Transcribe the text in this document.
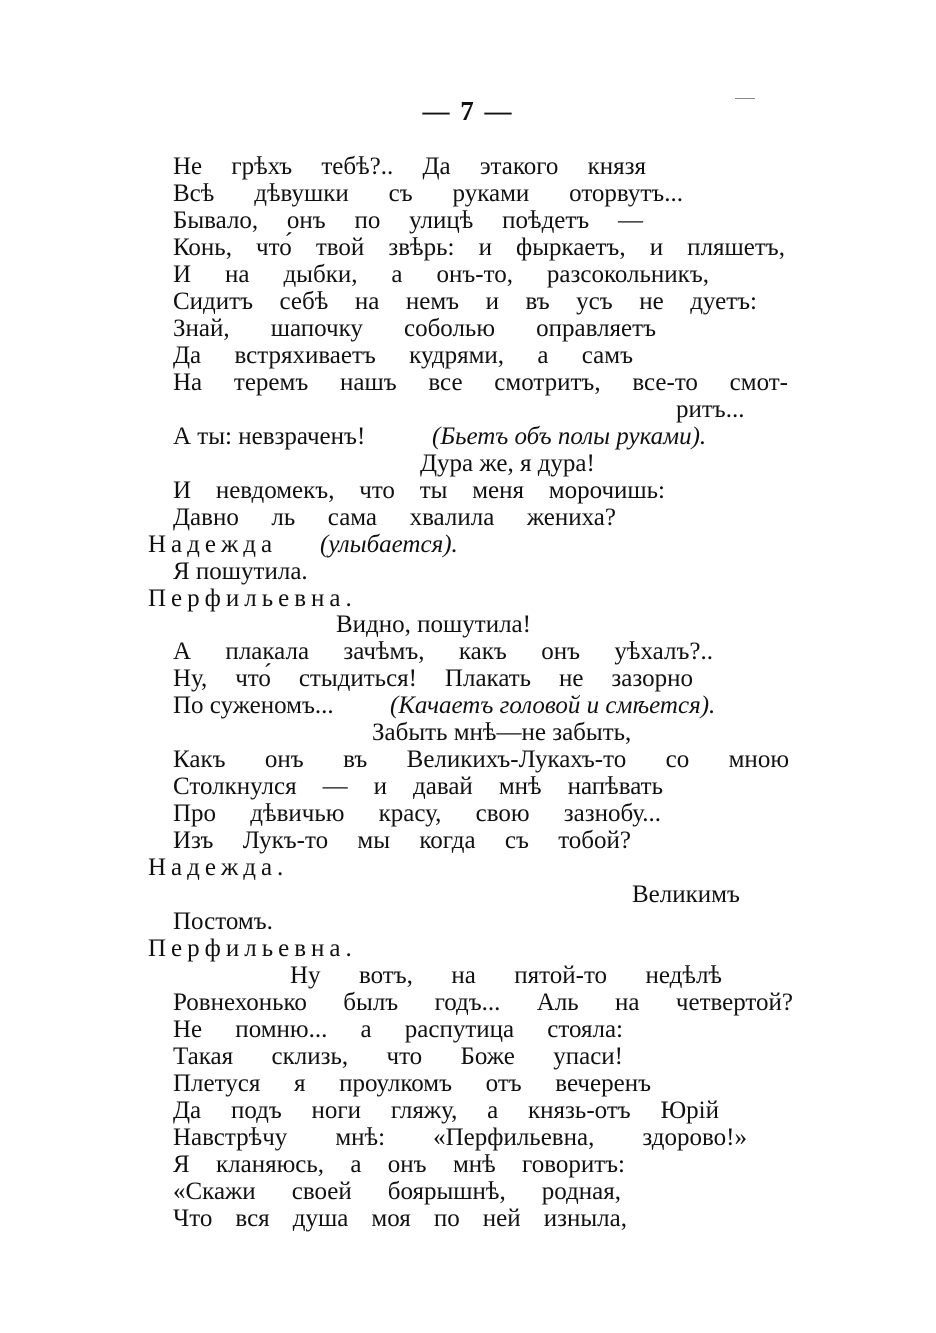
— 7 —
Не грѣхъ тебѣ?.. Да этакого князя
Всѣ дѣвушки съ руками оторвутъ...
Бывало, онъ по улицѣ поѣдетъ —
Конь, что́ твой звѣрь: и фыркаетъ, и пляшетъ,
И на дыбки, а онъ-то, разсокольникъ,
Сидитъ себѣ на немъ и въ усъ не дуетъ:
Знай, шапочку соболью оправляетъ
Да встряхиваетъ кудрями, а самъ
На теремъ нашъ все смотритъ, все-то смот-
ритъ...
А ты: невзраченъ!	(Бьетъ объ полы руками).
Дура же, я дура!
И невдомекъ, что ты меня морочишь:
Давно ль сама хвалила жениха?
Надежда (улыбается).
Я пошутила.
Перфильевна.
Видно, пошутила!
А плакала зачѣмъ, какъ онъ уѣхалъ?..
Ну, что́ стыдиться! Плакать не зазорно
По суженомъ... (Качаетъ головой и смѣется).
Забыть мнѣ—не забыть,
Какъ онъ въ Великихъ-Лукахъ-то со мною
Столкнулся — и давай мнѣ напѣвать
Про дѣвичью красу, свою зазнобу...
Изъ Лукъ-то мы когда съ тобой?
Надежда.
Великимъ
Постомъ.
Перфильевна.
Ну вотъ, на пятой-то недѣлѣ
Ровнехонько былъ годъ... Аль на четвертой?
Не помню... а распутица стояла:
Такая склизь, что Боже упаси!
Плетуся я проулкомъ отъ вечеренъ
Да подъ ноги гляжу, а князь-отъ Юрій
Навстрѣчу мнѣ: «Перфильевна, здорово!»
Я кланяюсь, а онъ мнѣ говоритъ:
«Скажи своей боярышнѣ, родная,
Что вся душа моя по ней изныла,
